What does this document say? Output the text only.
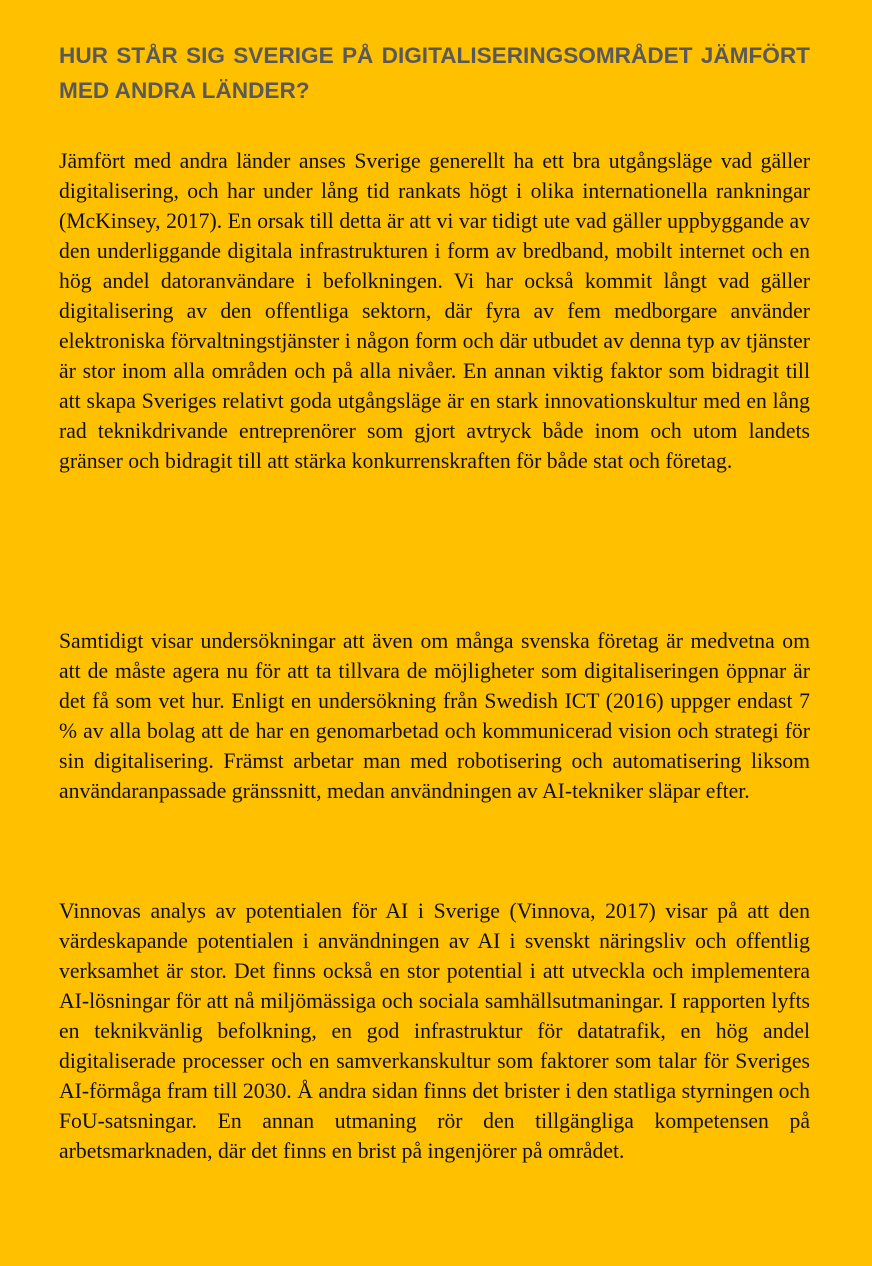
HUR STÅR SIG SVERIGE PÅ DIGITALISERINGSOMRÅDET JÄMFÖRT MED ANDRA LÄNDER?

Jämfört med andra länder anses Sverige generellt ha ett bra utgångsläge vad gäller digitalisering, och har under lång tid rankats högt i olika internationella rankningar (McKinsey, 2017). En orsak till detta är att vi var tidigt ute vad gäller uppbyggande av den underliggande digitala infrastrukturen i form av bredband, mobilt internet och en hög andel datoranvändare i befolkningen. Vi har också kommit långt vad gäller digitalisering av den offentliga sektorn, där fyra av fem medborgare använder elektroniska förvaltningstjänster i någon form och där utbudet av denna typ av tjänster är stor inom alla områden och på alla nivåer. En annan viktig faktor som bidragit till att skapa Sveriges relativt goda utgångsläge är en stark innovationskultur med en lång rad teknikdrivande entreprenörer som gjort avtryck både inom och utom landets gränser och bidragit till att stärka konkurrenskraften för både stat och företag.

Samtidigt visar undersökningar att även om många svenska företag är medvetna om att de måste agera nu för att ta tillvara de möjligheter som digitaliseringen öppnar är det få som vet hur. Enligt en undersökning från Swedish ICT (2016) uppger endast 7 % av alla bolag att de har en genomarbetad och kommunicerad vision och strategi för sin digitalisering. Främst arbetar man med robotisering och automatisering liksom användaranpassade gränssnitt, medan användningen av AI-tekniker släpar efter.

Vinnovas analys av potentialen för AI i Sverige (Vinnova, 2017) visar på att den värdeskapande potentialen i användningen av AI i svenskt näringsliv och offentlig verksamhet är stor. Det finns också en stor potential i att utveckla och implementera AI-lösningar för att nå miljömässiga och sociala samhällsutmaningar. I rapporten lyfts en teknikvänlig befolkning, en god infrastruktur för datatrafik, en hög andel digitaliserade processer och en samverkanskultur som faktorer som talar för Sveriges AI-förmåga fram till 2030. Å andra sidan finns det brister i den statliga styrningen och FoU-satsningar. En annan utmaning rör den tillgängliga kompetensen på arbetsmarknaden, där det finns en brist på ingenjörer på området.
